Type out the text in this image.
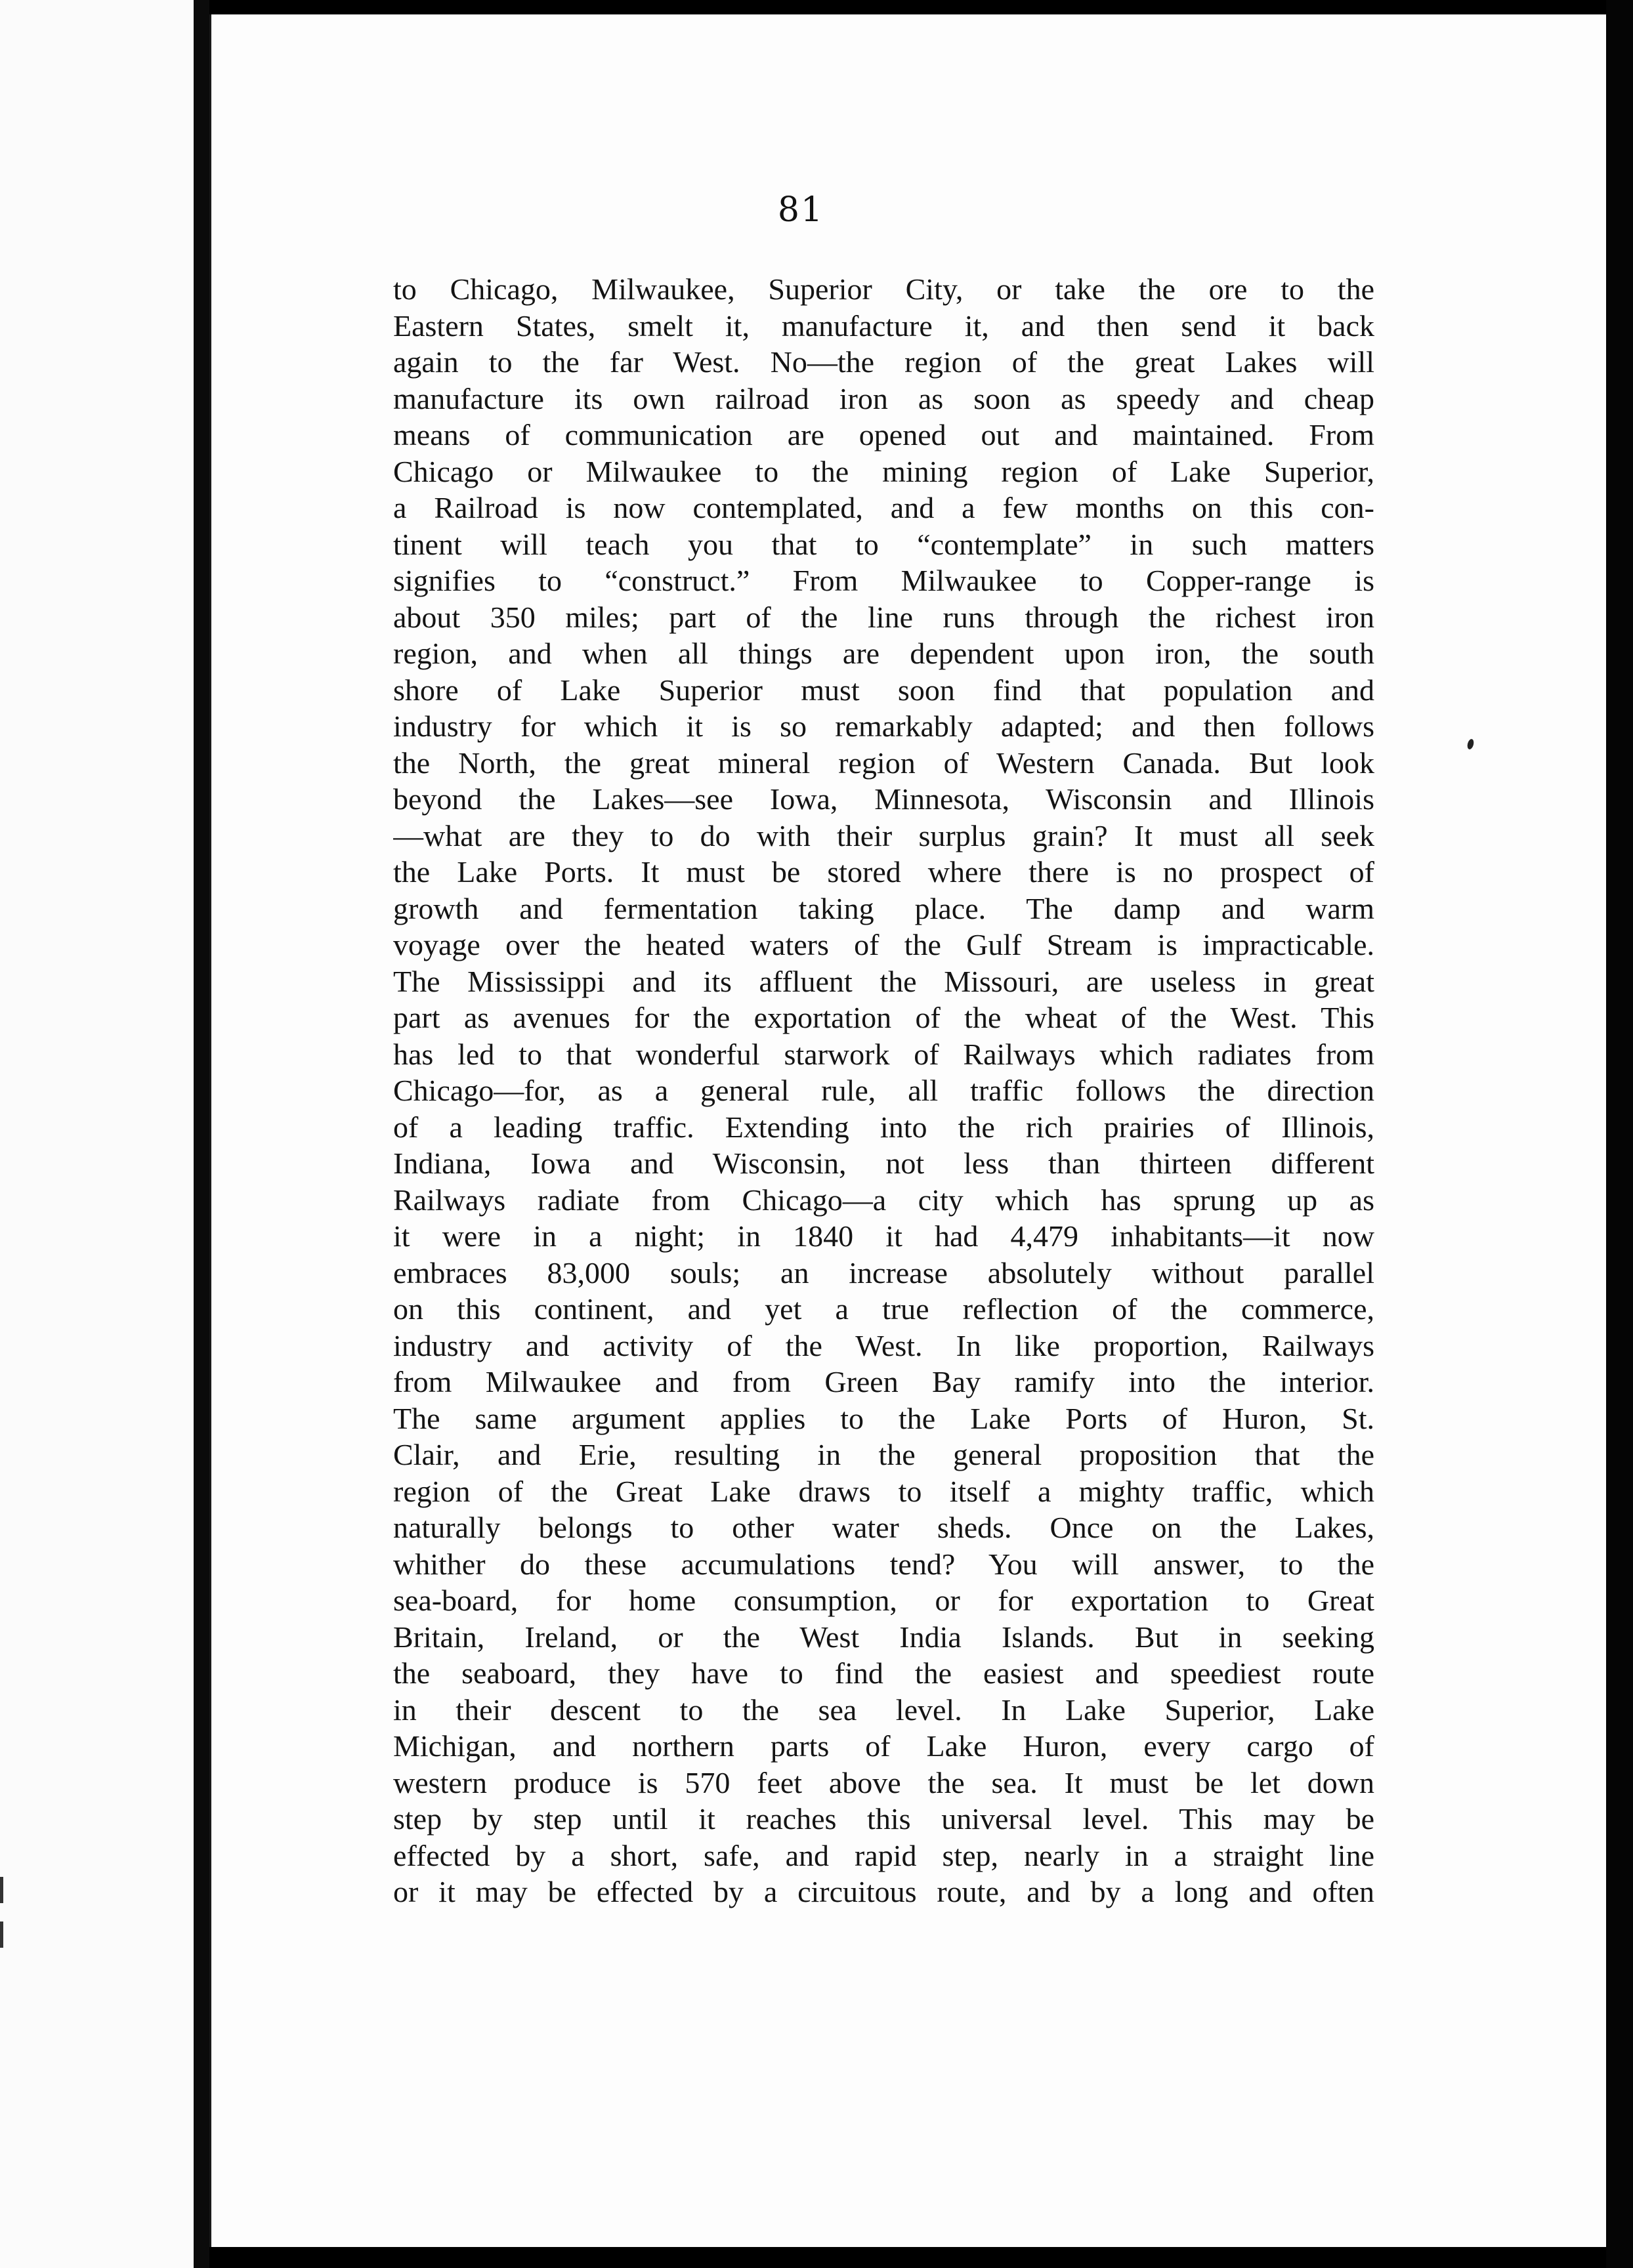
81
to Chicago, Milwaukee, Superior City, or take the ore to the
Eastern States, smelt it, manufacture it, and then send it back
again to the far West. No—the region of the great Lakes will
manufacture its own railroad iron as soon as speedy and cheap
means of communication are opened out and maintained. From
Chicago or Milwaukee to the mining region of Lake Superior,
a Railroad is now contemplated, and a few months on this con-
tinent will teach you that to “contemplate” in such matters
signifies to “construct.” From Milwaukee to Copper-range is
about 350 miles; part of the line runs through the richest iron
region, and when all things are dependent upon iron, the south
shore of Lake Superior must soon find that population and
industry for which it is so remarkably adapted; and then follows
the North, the great mineral region of Western Canada. But look
beyond the Lakes—see Iowa, Minnesota, Wisconsin and Illinois
—what are they to do with their surplus grain? It must all seek
the Lake Ports. It must be stored where there is no prospect of
growth and fermentation taking place. The damp and warm
voyage over the heated waters of the Gulf Stream is impracticable.
The Mississippi and its affluent the Missouri, are useless in great
part as avenues for the exportation of the wheat of the West. This
has led to that wonderful starwork of Railways which radiates from
Chicago—for, as a general rule, all traffic follows the direction
of a leading traffic. Extending into the rich prairies of Illinois,
Indiana, Iowa and Wisconsin, not less than thirteen different
Railways radiate from Chicago—a city which has sprung up as
it were in a night; in 1840 it had 4,479 inhabitants—it now
embraces 83,000 souls; an increase absolutely without parallel
on this continent, and yet a true reflection of the commerce,
industry and activity of the West. In like proportion, Railways
from Milwaukee and from Green Bay ramify into the interior.
The same argument applies to the Lake Ports of Huron, St.
Clair, and Erie, resulting in the general proposition that the
region of the Great Lake draws to itself a mighty traffic, which
naturally belongs to other water sheds. Once on the Lakes,
whither do these accumulations tend? You will answer, to the
sea-board, for home consumption, or for exportation to Great
Britain, Ireland, or the West India Islands. But in seeking
the seaboard, they have to find the easiest and speediest route
in their descent to the sea level. In Lake Superior, Lake
Michigan, and northern parts of Lake Huron, every cargo of
western produce is 570 feet above the sea. It must be let down
step by step until it reaches this universal level. This may be
effected by a short, safe, and rapid step, nearly in a straight line
or it may be effected by a circuitous route, and by a long and often
